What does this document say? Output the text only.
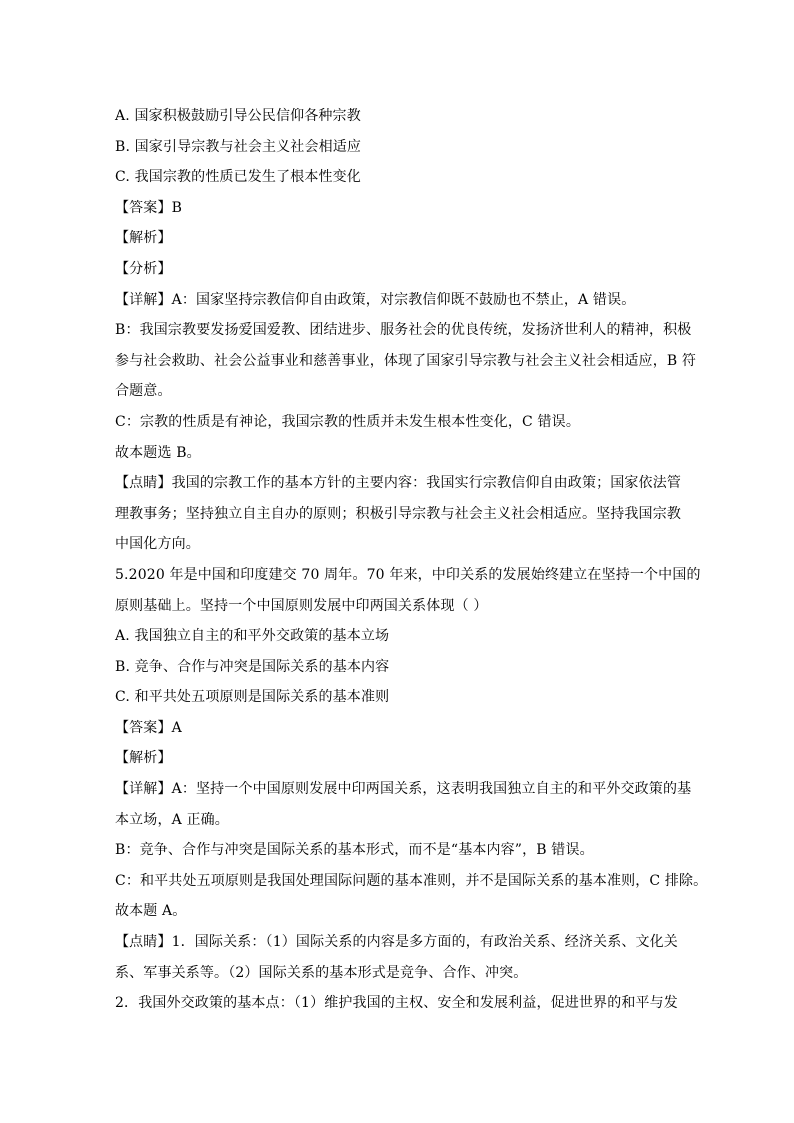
A. 国家积极鼓励引导公民信仰各种宗教
B. 国家引导宗教与社会主义社会相适应
C. 我国宗教的性质已发生了根本性变化
【答案】B
【解析】
【分析】
【详解】A：国家坚持宗教信仰自由政策，对宗教信仰既不鼓励也不禁止，A 错误。
B：我国宗教要发扬爱国爱教、团结进步、服务社会的优良传统，发扬济世利人的精神，积极
参与社会救助、社会公益事业和慈善事业，体现了国家引导宗教与社会主义社会相适应，B 符
合题意。
C：宗教的性质是有神论，我国宗教的性质并未发生根本性变化，C 错误。
故本题选 B。
【点睛】我国的宗教工作的基本方针的主要内容：我国实行宗教信仰自由政策；国家依法管
理教事务；坚持独立自主自办的原则；积极引导宗教与社会主义社会相适应。坚持我国宗教
中国化方向。
5.2020 年是中国和印度建交 70 周年。70 年来，中印关系的发展始终建立在坚持一个中国的
原则基础上。坚持一个中国原则发展中印两国关系体现（ ）
A. 我国独立自主的和平外交政策的基本立场
B. 竞争、合作与冲突是国际关系的基本内容
C. 和平共处五项原则是国际关系的基本准则
【答案】A
【解析】
【详解】A：坚持一个中国原则发展中印两国关系，这表明我国独立自主的和平外交政策的基
本立场，A 正确。
B：竞争、合作与冲突是国际关系的基本形式，而不是“基本内容”，B 错误。
C：和平共处五项原则是我国处理国际问题的基本准则，并不是国际关系的基本准则，C 排除。
故本题 A。
【点睛】1．国际关系：（1）国际关系的内容是多方面的，有政治关系、经济关系、文化关
系、军事关系等。（2）国际关系的基本形式是竞争、合作、冲突。
2．我国外交政策的基本点：（1）维护我国的主权、安全和发展利益，促进世界的和平与发
